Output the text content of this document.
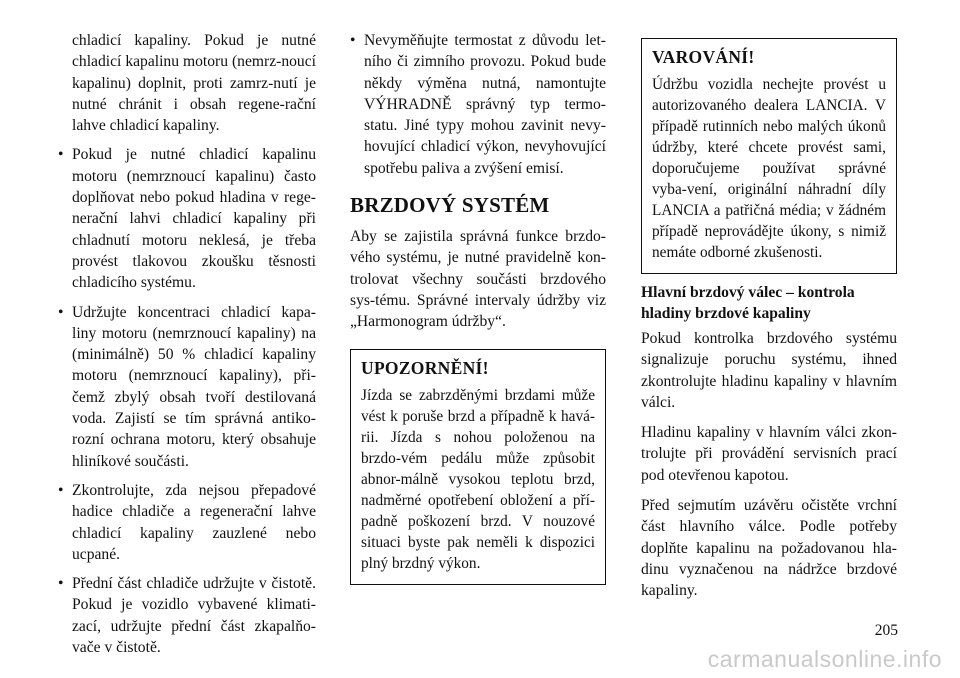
chladicí kapaliny. Pokud je nutné chladicí kapalinu motoru (nemrz-noucí kapalinu) doplnit, proti zamrz-nutí je nutné chránit i obsah regene-rační lahve chladicí kapaliny.

• Pokud je nutné chladicí kapalinu motoru (nemrznoucí kapalinu) často doplňovat nebo pokud hladina v rege-nerační lahvi chladicí kapaliny při chladnutí motoru neklesá, je třeba provést tlakovou zkoušku těsnosti chladicího systému.
• Udržujte koncentraci chladicí kapa-liny motoru (nemrznoucí kapaliny) na (minimálně) 50 % chladicí kapaliny motoru (nemrznoucí kapaliny), při-čemž zbylý obsah tvoří destilovaná voda. Zajistí se tím správná antiko-rozní ochrana motoru, který obsahuje hliníkové součásti.
• Zkontrolujte, zda nejsou přepadové hadice chladiče a regenerační lahve chladicí kapaliny zauzlené nebo ucpané.
• Přední část chladiče udržujte v čistotě. Pokud je vozidlo vybavené klimati-zací, udržujte přední část zkapalňo-vače v čistotě.
• Nevyměňujte termostat z důvodu let-ního či zimního provozu. Pokud bude někdy výměna nutná, namontujte VÝHRADNĚ správný typ termo-statu. Jiné typy mohou zavinit nevy-hovující chladicí výkon, nevyhovující spotřebu paliva a zvýšení emisí.
BRZDOVÝ SYSTÉM

Aby se zajistila správná funkce brzdo-vého systému, je nutné pravidelně kon-trolovat všechny součásti brzdového sys-tému. Správné intervaly údržby viz „Harmonogram údržby“.

UPOZORNĚNÍ!

Jízda se zabrzděnými brzdami může vést k poruše brzd a případně k havá-rii. Jízda s nohou položenou na brzdo-vém pedálu může způsobit abnor-málně vysokou teplotu brzd, nadměrné opotřebení obložení a pří-padně poškození brzd. V nouzové situaci byste pak neměli k dispozici plný brzdný výkon.

VAROVÁNÍ!

Údržbu vozidla nechejte provést u autorizovaného dealera LANCIA. V případě rutinních nebo malých úkonů údržby, které chcete provést sami, doporučujeme používat správné vyba-vení, originální náhradní díly LANCIA a patřičná média; v žádném případě neprovádějte úkony, s nimiž nemáte odborné zkušenosti.

Hlavní brzdový válec – kontrola hladiny brzdové kapaliny

Pokud kontrolka brzdového systému signalizuje poruchu systému, ihned zkontrolujte hladinu kapaliny v hlavním válci.

Hladinu kapaliny v hlavním válci zkon-trolujte při provádění servisních prací pod otevřenou kapotou.

Před sejmutím uzávěru očistěte vrchní část hlavního válce. Podle potřeby doplňte kapalinu na požadovanou hla-dinu vyznačenou na nádržce brzdové kapaliny.

205
carmanualsonline.info
